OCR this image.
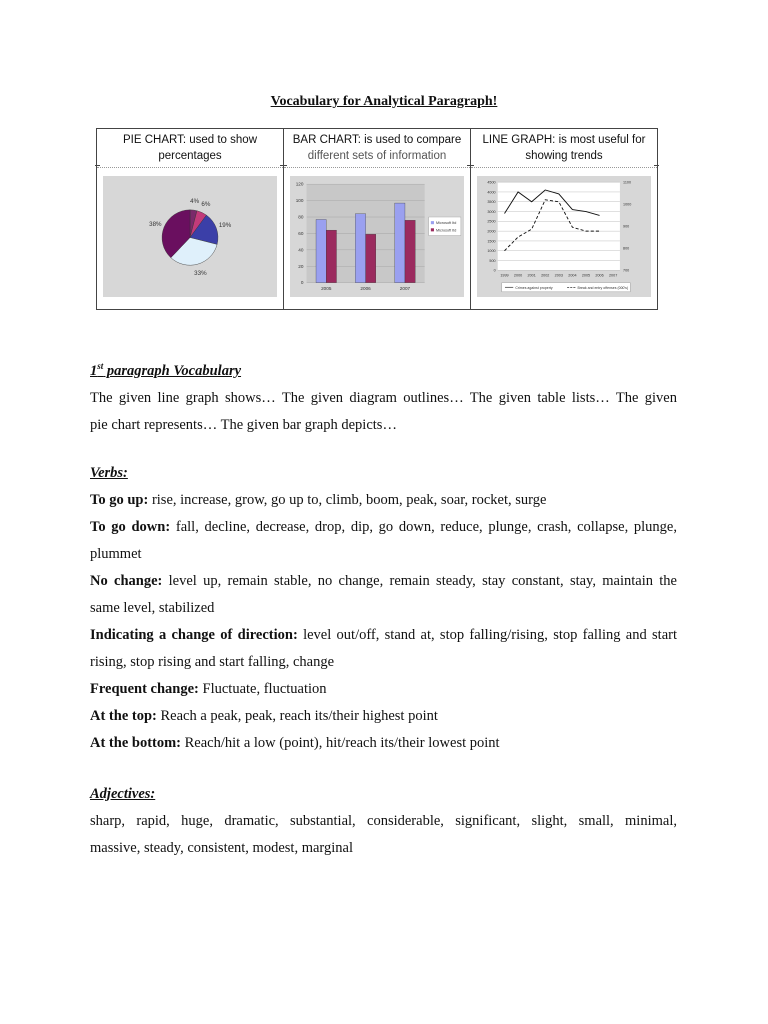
Vocabulary for Analytical Paragraph!
PIE CHART: used to show
percentages
4% 6%
19%
33%
38%
BAR CHART: is used to compare
different sets of information
0
20
40
60
80
100
120
2005	2006	2007
Microsoft Itd
Microsoft Itd
LINE GRAPH: is most useful for
showing trends
0
500
1000
1500
2000
2500
3000
3500
4000
4500
700
800
900
1000
1100
1999 2000 2001 2002 2003 2004 2005 2006 2007
Crimes against property	Break and entry offenses (000's)
1st paragraph Vocabulary
The given line graph shows… The given diagram outlines… The given table lists… The given
pie chart represents… The given bar graph depicts…
Verbs:
To go up: rise, increase, grow, go up to, climb, boom, peak, soar, rocket, surge
To go down: fall, decline, decrease, drop, dip, go down, reduce, plunge, crash, collapse, plunge,
plummet
No change: level up, remain stable, no change, remain steady, stay constant, stay, maintain the
same level, stabilized
Indicating a change of direction: level out/off, stand at, stop falling/rising, stop falling and start
rising, stop rising and start falling, change
Frequent change: Fluctuate, fluctuation
At the top: Reach a peak, peak, reach its/their highest point
At the bottom: Reach/hit a low (point), hit/reach its/their lowest point
Adjectives:
sharp, rapid, huge, dramatic, substantial, considerable, significant, slight, small, minimal,
massive, steady, consistent, modest, marginal
